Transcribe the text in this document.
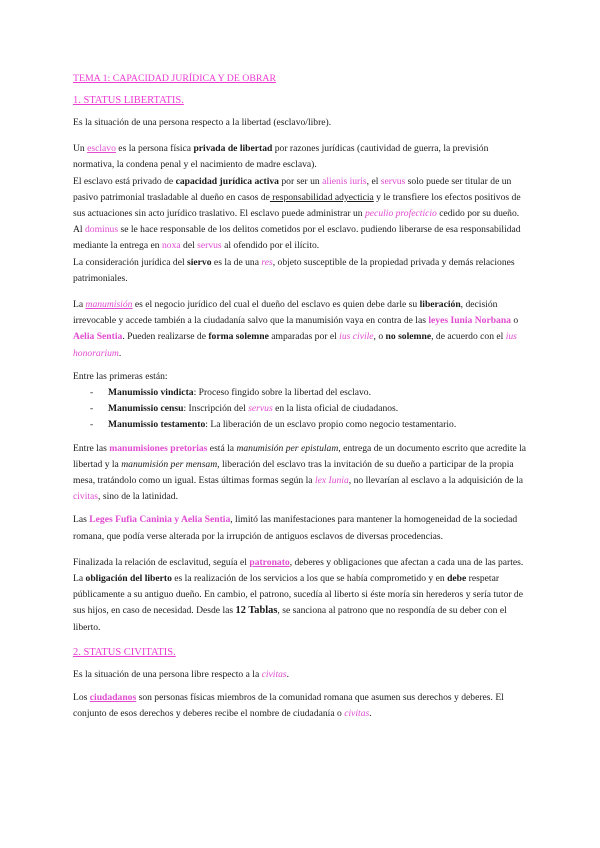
TEMA 1: CAPACIDAD JURÍDICA Y DE OBRAR

1. STATUS LIBERTATIS.

Es la situación de una persona respecto a la libertad (esclavo/libre).

Un esclavo es la persona física privada de libertad por razones jurídicas (cautividad de guerra, la previsión normativa, la condena penal y el nacimiento de madre esclava).

El esclavo está privado de capacidad jurídica activa por ser un alienis iuris, el servus solo puede ser titular de un pasivo patrimonial trasladable al dueño en casos de responsabilidad adyecticia y le transfiere los efectos positivos de sus actuaciones sin acto jurídico traslativo. El esclavo puede administrar un peculio profecticio cedido por su dueño.

Al dominus se le hace responsable de los delitos cometidos por el esclavo. pudiendo liberarse de esa responsabilidad mediante la entrega en noxa del servus al ofendido por el ilícito.

La consideración jurídica del siervo es la de una res, objeto susceptible de la propiedad privada y demás relaciones patrimoniales.

La manumisión es el negocio jurídico del cual el dueño del esclavo es quien debe darle su liberación, decisión irrevocable y accede también a la ciudadanía salvo que la manumisión vaya en contra de las leyes Iunia Norbana o Aelia Sentia. Pueden realizarse de forma solemne amparadas por el ius civile, o no solemne, de acuerdo con el ius honorarium.

Entre las primeras están:

- Manumissio vindicta: Proceso fingido sobre la libertad del esclavo.
- Manumissio censu: Inscripción del servus en la lista oficial de ciudadanos.
- Manumissio testamento: La liberación de un esclavo propio como negocio testamentario.

Entre las manumisiones pretorias está la manumisión per epistulam, entrega de un documento escrito que acredite la libertad y la manumisión per mensam, liberación del esclavo tras la invitación de su dueño a participar de la propia mesa, tratándolo como un igual. Estas últimas formas según la lex Iunia, no llevarían al esclavo a la adquisición de la civitas, sino de la latinidad.

Las Leges Fufia Caninia y Aelia Sentia, limitó las manifestaciones para mantener la homogeneidad de la sociedad romana, que podía verse alterada por la irrupción de antiguos esclavos de diversas procedencias.

Finalizada la relación de esclavitud, seguía el patronato, deberes y obligaciones que afectan a cada una de las partes. La obligación del liberto es la realización de los servicios a los que se había comprometido y en debe respetar públicamente a su antiguo dueño. En cambio, el patrono, sucedía al liberto si éste moría sin herederos y sería tutor de sus hijos, en caso de necesidad. Desde las 12 Tablas, se sanciona al patrono que no respondía de su deber con el liberto.

2. STATUS CIVITATIS.

Es la situación de una persona libre respecto a la civitas.

Los ciudadanos son personas físicas miembros de la comunidad romana que asumen sus derechos y deberes. El conjunto de esos derechos y deberes recibe el nombre de ciudadanía o civitas.
